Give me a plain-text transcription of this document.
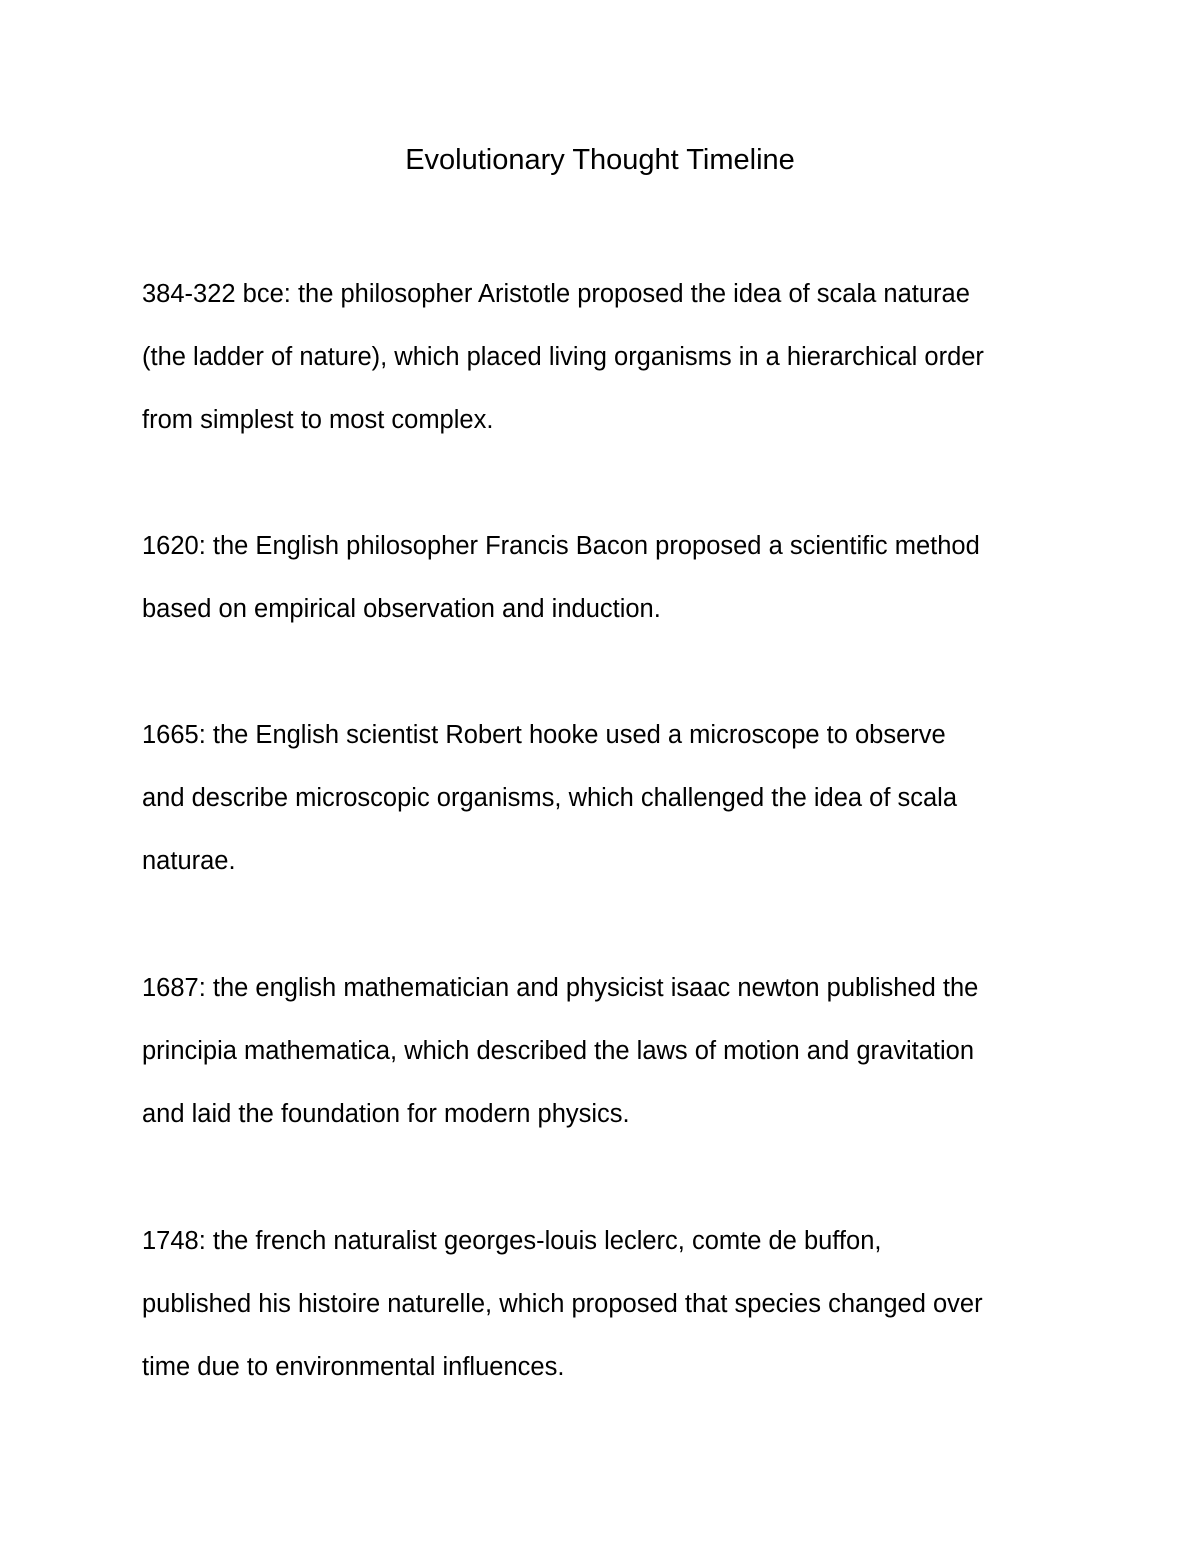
Evolutionary Thought Timeline

384-322 bce: the philosopher Aristotle proposed the idea of scala naturae
(the ladder of nature), which placed living organisms in a hierarchical order
from simplest to most complex.

1620: the English philosopher Francis Bacon proposed a scientific method
based on empirical observation and induction.

1665: the English scientist Robert hooke used a microscope to observe
and describe microscopic organisms, which challenged the idea of scala
naturae.

1687: the english mathematician and physicist isaac newton published the
principia mathematica, which described the laws of motion and gravitation
and laid the foundation for modern physics.

1748: the french naturalist georges-louis leclerc, comte de buffon,
published his histoire naturelle, which proposed that species changed over
time due to environmental influences.
